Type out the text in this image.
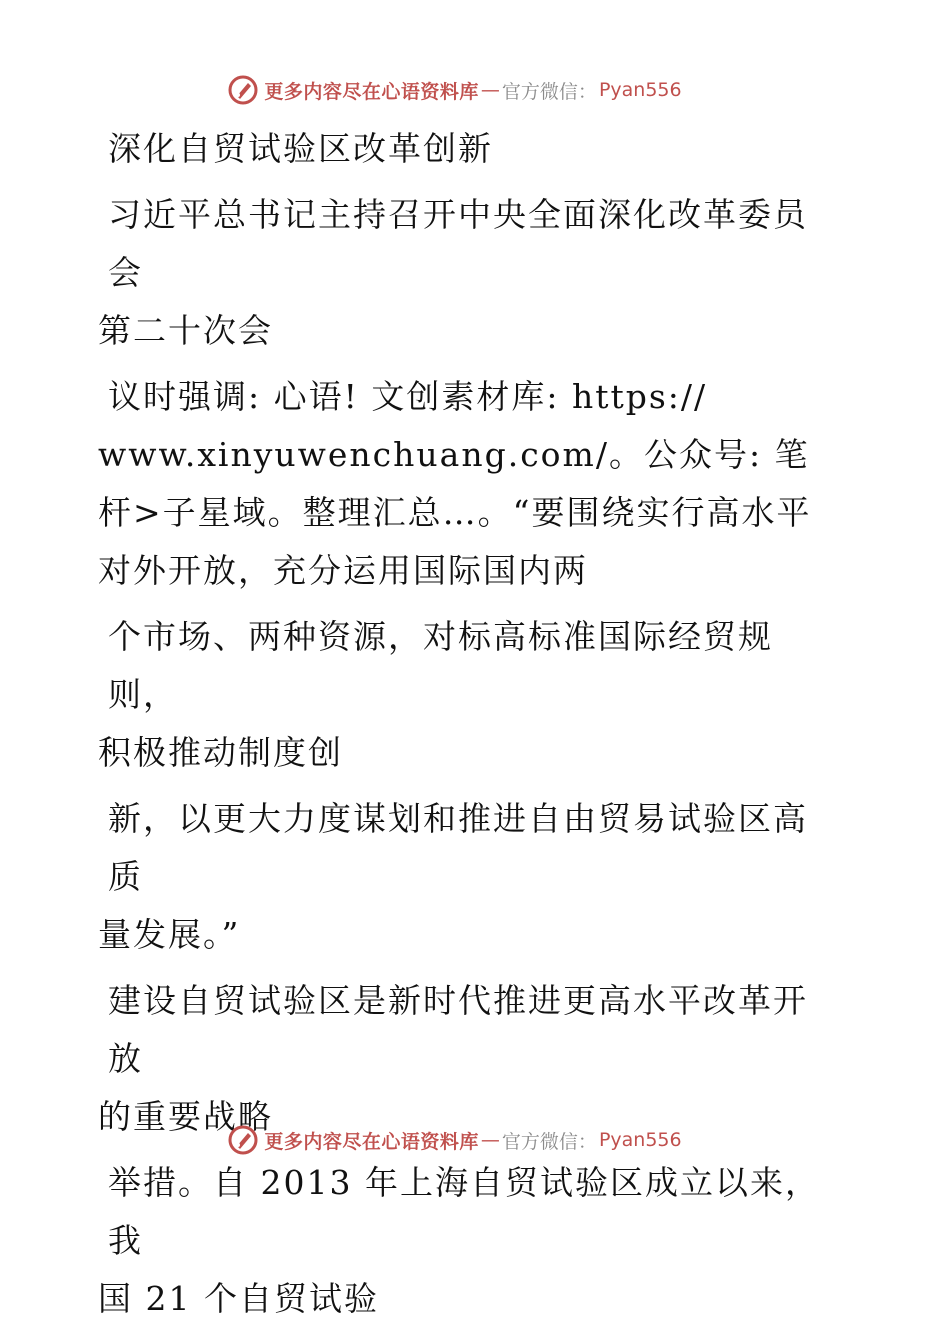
更多内容尽在心语资料库 — 官方微信： Pyan556
深化自贸试验区改革创新

习近平总书记主持召开中央全面深化改革委员会
第二十次会

议时强调: 心语! 文创素材库: https://
www.xinyuwenchuang.com/。公众号: 笔杆>子星域。整理汇总…。“要围绕实行高水平对外开放，充分运用国际国内两

个市场、两种资源，对标高标准国际经贸规则，
积极推动制度创

新，以更大力度谋划和推进自由贸易试验区高质
量发展。”

建设自贸试验区是新时代推进更高水平改革开放
的重要战略

举措。自 2013 年上海自贸试验区成立以来，我
国 21 个自贸试验

更多内容尽在心语资料库 — 官方微信： Pyan556
